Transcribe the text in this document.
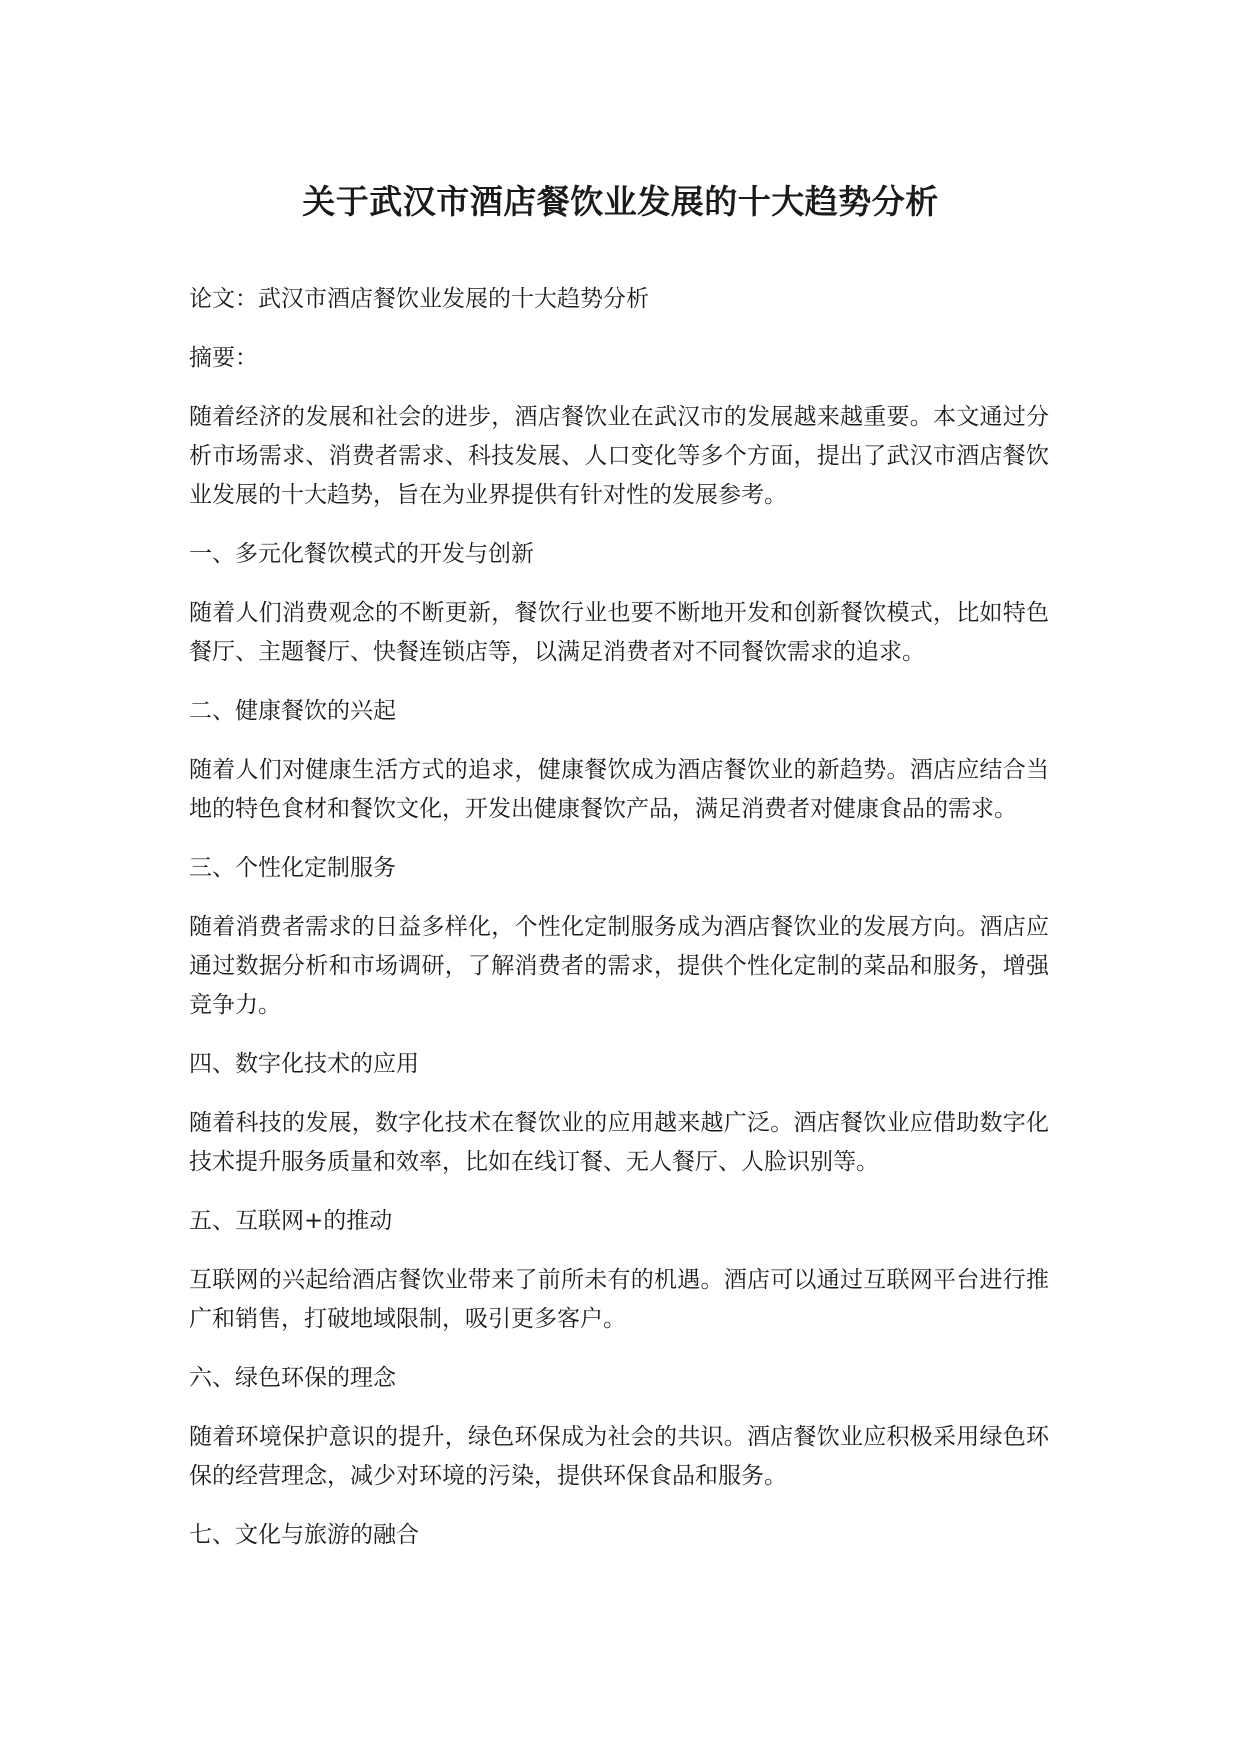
关于武汉市酒店餐饮业发展的十大趋势分析

论文：武汉市酒店餐饮业发展的十大趋势分析

摘要：

随着经济的发展和社会的进步，酒店餐饮业在武汉市的发展越来越重要。本文通过分析市场需求、消费者需求、科技发展、人口变化等多个方面，提出了武汉市酒店餐饮业发展的十大趋势，旨在为业界提供有针对性的发展参考。

一、多元化餐饮模式的开发与创新

随着人们消费观念的不断更新，餐饮行业也要不断地开发和创新餐饮模式，比如特色餐厅、主题餐厅、快餐连锁店等，以满足消费者对不同餐饮需求的追求。

二、健康餐饮的兴起

随着人们对健康生活方式的追求，健康餐饮成为酒店餐饮业的新趋势。酒店应结合当地的特色食材和餐饮文化，开发出健康餐饮产品，满足消费者对健康食品的需求。

三、个性化定制服务

随着消费者需求的日益多样化，个性化定制服务成为酒店餐饮业的发展方向。酒店应通过数据分析和市场调研，了解消费者的需求，提供个性化定制的菜品和服务，增强竞争力。

四、数字化技术的应用

随着科技的发展，数字化技术在餐饮业的应用越来越广泛。酒店餐饮业应借助数字化技术提升服务质量和效率，比如在线订餐、无人餐厅、人脸识别等。

五、互联网+的推动

互联网的兴起给酒店餐饮业带来了前所未有的机遇。酒店可以通过互联网平台进行推广和销售，打破地域限制，吸引更多客户。

六、绿色环保的理念

随着环境保护意识的提升，绿色环保成为社会的共识。酒店餐饮业应积极采用绿色环保的经营理念，减少对环境的污染，提供环保食品和服务。

七、文化与旅游的融合
